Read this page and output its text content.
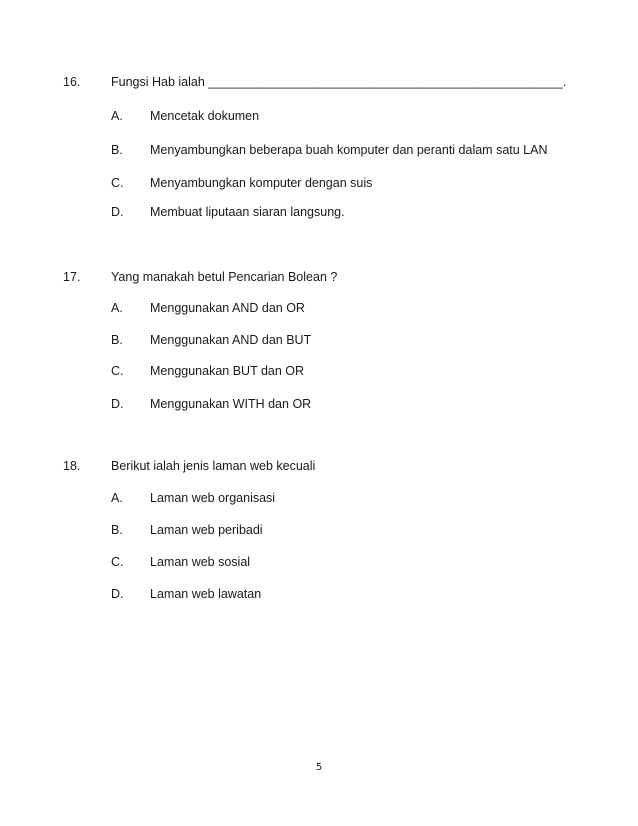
16. Fungsi Hab ialah ___________________________________________________.
A. Mencetak dokumen
B. Menyambungkan beberapa buah komputer dan peranti dalam satu LAN
C. Menyambungkan komputer dengan suis
D. Membuat liputaan siaran langsung.
17. Yang manakah betul Pencarian Bolean ?
A. Menggunakan AND dan OR
B. Menggunakan AND dan BUT
C. Menggunakan BUT dan OR
D. Menggunakan WITH dan OR
18. Berikut ialah jenis laman web kecuali
A. Laman web organisasi
B. Laman web peribadi
C. Laman web sosial
D. Laman web lawatan
5
